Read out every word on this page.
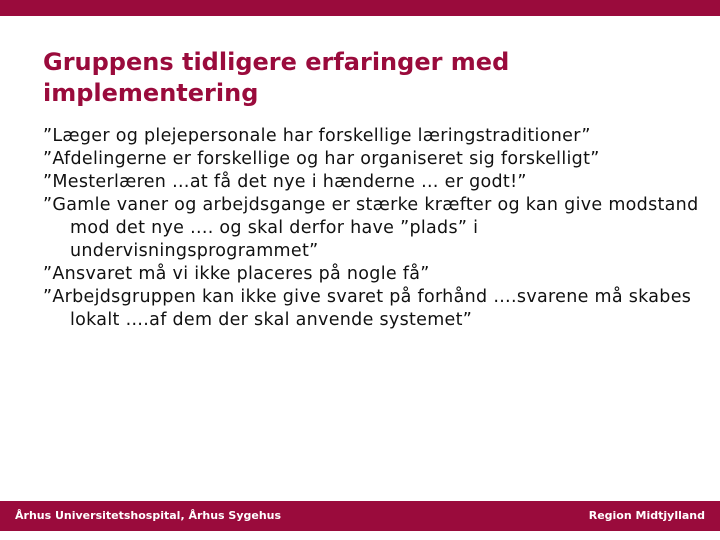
Gruppens tidligere erfaringer med implementering
”Læger og plejepersonale har forskellige læringstraditioner”
”Afdelingerne er forskellige og har organiseret sig forskelligt”
”Mesterlæren …at få det nye i hænderne … er godt!”
”Gamle vaner og arbejdsgange er stærke kræfter og kan give modstand mod det nye .... og skal derfor have ”plads” i undervisningsprogrammet”
”Ansvaret må vi ikke placeres på nogle få”
”Arbejdsgruppen kan ikke give svaret på forhånd ….svarene må skabes lokalt ….af dem der skal anvende systemet”
Århus Universitetshospital, Århus Sygehus	Region Midtjylland
